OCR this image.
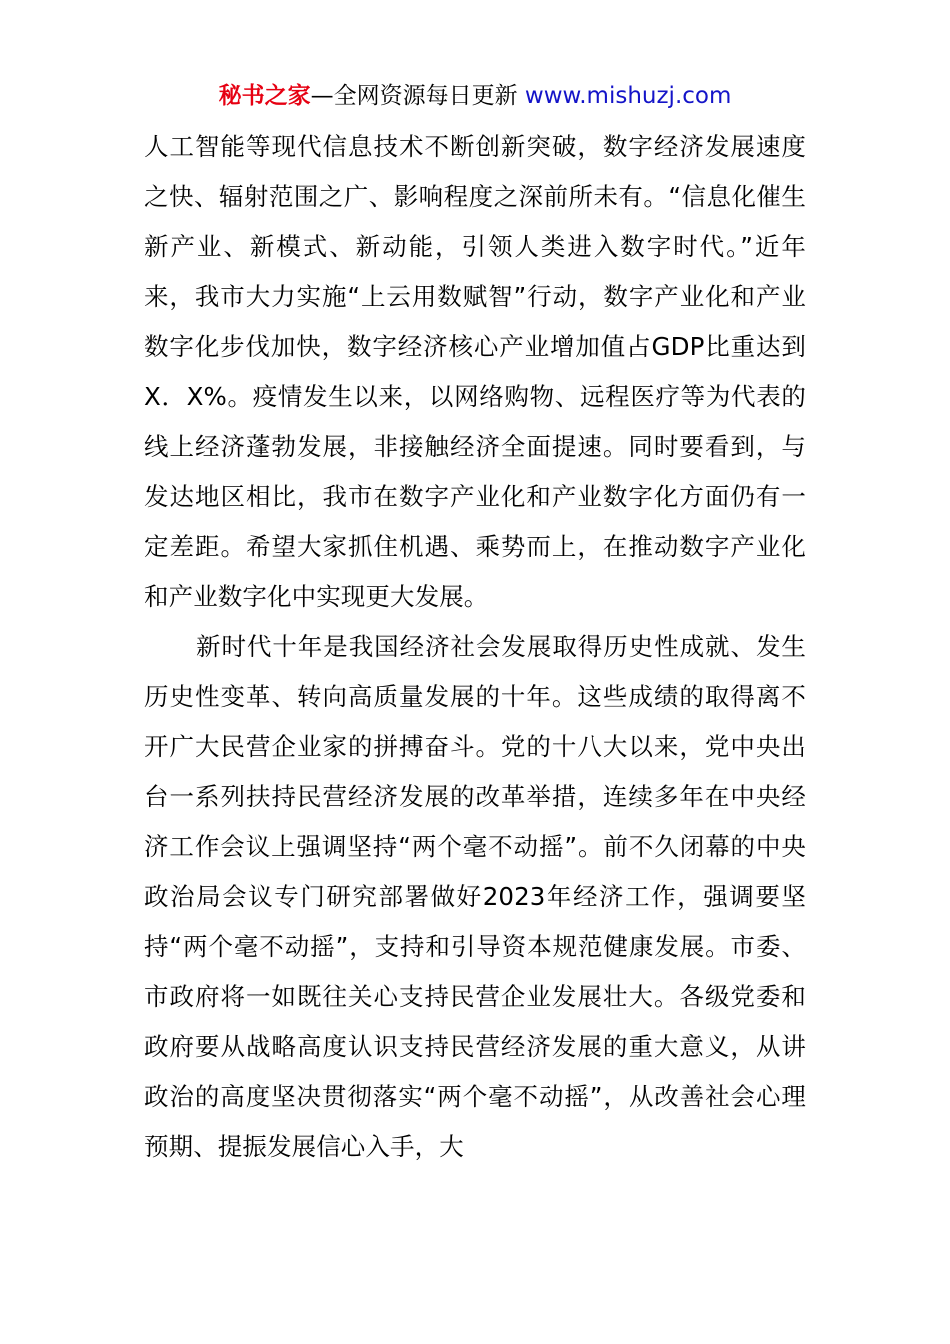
秘书之家—全网资源每日更新 www.mishuzj.com

人工智能等现代信息技术不断创新突破，数字经济发展速度之快、辐射范围之广、影响程度之深前所未有。“信息化催生新产业、新模式、新动能，引领人类进入数字时代。”近年来，我市大力实施“上云用数赋智”行动，数字产业化和产业数字化步伐加快，数字经济核心产业增加值占GDP比重达到X．X%。疫情发生以来，以网络购物、远程医疗等为代表的线上经济蓬勃发展，非接触经济全面提速。同时要看到，与发达地区相比，我市在数字产业化和产业数字化方面仍有一定差距。希望大家抓住机遇、乘势而上，在推动数字产业化和产业数字化中实现更大发展。

新时代十年是我国经济社会发展取得历史性成就、发生历史性变革、转向高质量发展的十年。这些成绩的取得离不开广大民营企业家的拼搏奋斗。党的十八大以来，党中央出台一系列扶持民营经济发展的改革举措，连续多年在中央经济工作会议上强调坚持“两个毫不动摇”。前不久闭幕的中央政治局会议专门研究部署做好2023年经济工作，强调要坚持“两个毫不动摇”，支持和引导资本规范健康发展。市委、市政府将一如既往关心支持民营企业发展壮大。各级党委和政府要从战略高度认识支持民营经济发展的重大意义，从讲政治的高度坚决贯彻落实“两个毫不动摇”，从改善社会心理预期、提振发展信心入手，大
